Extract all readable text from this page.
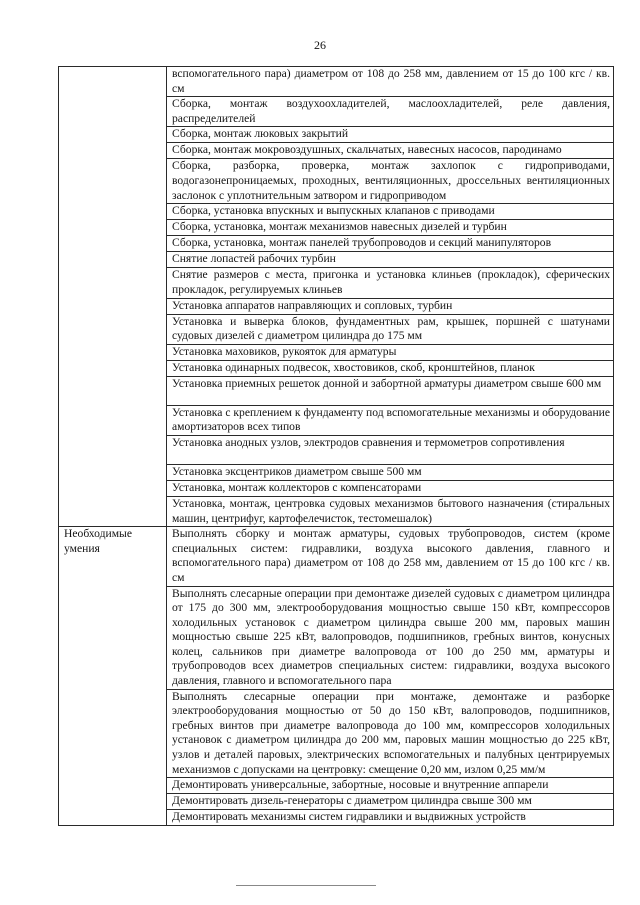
26
	вспомогательного пара) диаметром от 108 до 258 мм, давлением от 15 до 100 кгс / кв. см
	Сборка, монтаж воздухоохладителей, маслоохладителей, реле давления, распределителей
	Сборка, монтаж люковых закрытий
	Сборка, монтаж мокровоздушных, скальчатых, навесных насосов, пародинамо
	Сборка, разборка, проверка, монтаж захлопок с гидроприводами, водогазонепроницаемых, проходных, вентиляционных, дроссельных вентиляционных заслонок с уплотнительным затвором и гидроприводом
	Сборка, установка впускных и выпускных клапанов с приводами
	Сборка, установка, монтаж механизмов навесных дизелей и турбин
	Сборка, установка, монтаж панелей трубопроводов и секций манипуляторов
	Снятие лопастей рабочих турбин
	Снятие размеров с места, пригонка и установка клиньев (прокладок), сферических прокладок, регулируемых клиньев
	Установка аппаратов направляющих и сопловых, турбин
	Установка и выверка блоков, фундаментных рам, крышек, поршней с шатунами судовых дизелей с диаметром цилиндра до 175 мм
	Установка маховиков, рукояток для арматуры
	Установка одинарных подвесок, хвостовиков, скоб, кронштейнов, планок
	Установка приемных решеток донной и забортной арматуры диаметром свыше 600 мм
	Установка с креплением к фундаменту под вспомогательные механизмы и оборудование амортизаторов всех типов
	Установка анодных узлов, электродов сравнения и термометров сопротивления
	Установка эксцентриков диаметром свыше 500 мм
	Установка, монтаж коллекторов с компенсаторами
	Установка, монтаж, центровка судовых механизмов бытового назначения (стиральных машин, центрифуг, картофелечисток, тестомешалок)
Необходимые умения	Выполнять сборку и монтаж арматуры, судовых трубопроводов, систем (кроме специальных систем: гидравлики, воздуха высокого давления, главного и вспомогательного пара) диаметром от 108 до 258 мм, давлением от 15 до 100 кгс / кв. см
	Выполнять слесарные операции при демонтаже дизелей судовых с диаметром цилиндра от 175 до 300 мм, электрооборудования мощностью свыше 150 кВт, компрессоров холодильных установок с диаметром цилиндра свыше 200 мм, паровых машин мощностью свыше 225 кВт, валопроводов, подшипников, гребных винтов, конусных колец, сальников при диаметре валопровода от 100 до 250 мм, арматуры и трубопроводов всех диаметров специальных систем: гидравлики, воздуха высокого давления, главного и вспомогательного пара
	Выполнять слесарные операции при монтаже, демонтаже и разборке электрооборудования мощностью от 50 до 150 кВт, валопроводов, подшипников, гребных винтов при диаметре валопровода до 100 мм, компрессоров холодильных установок с диаметром цилиндра до 200 мм, паровых машин мощностью до 225 кВт, узлов и деталей паровых, электрических вспомогательных и палубных центрируемых механизмов с допусками на центровку: смещение 0,20 мм, излом 0,25 мм/м
	Демонтировать универсальные, забортные, носовые и внутренние аппарели
	Демонтировать дизель-генераторы с диаметром цилиндра свыше 300 мм
	Демонтировать механизмы систем гидравлики и выдвижных устройств
